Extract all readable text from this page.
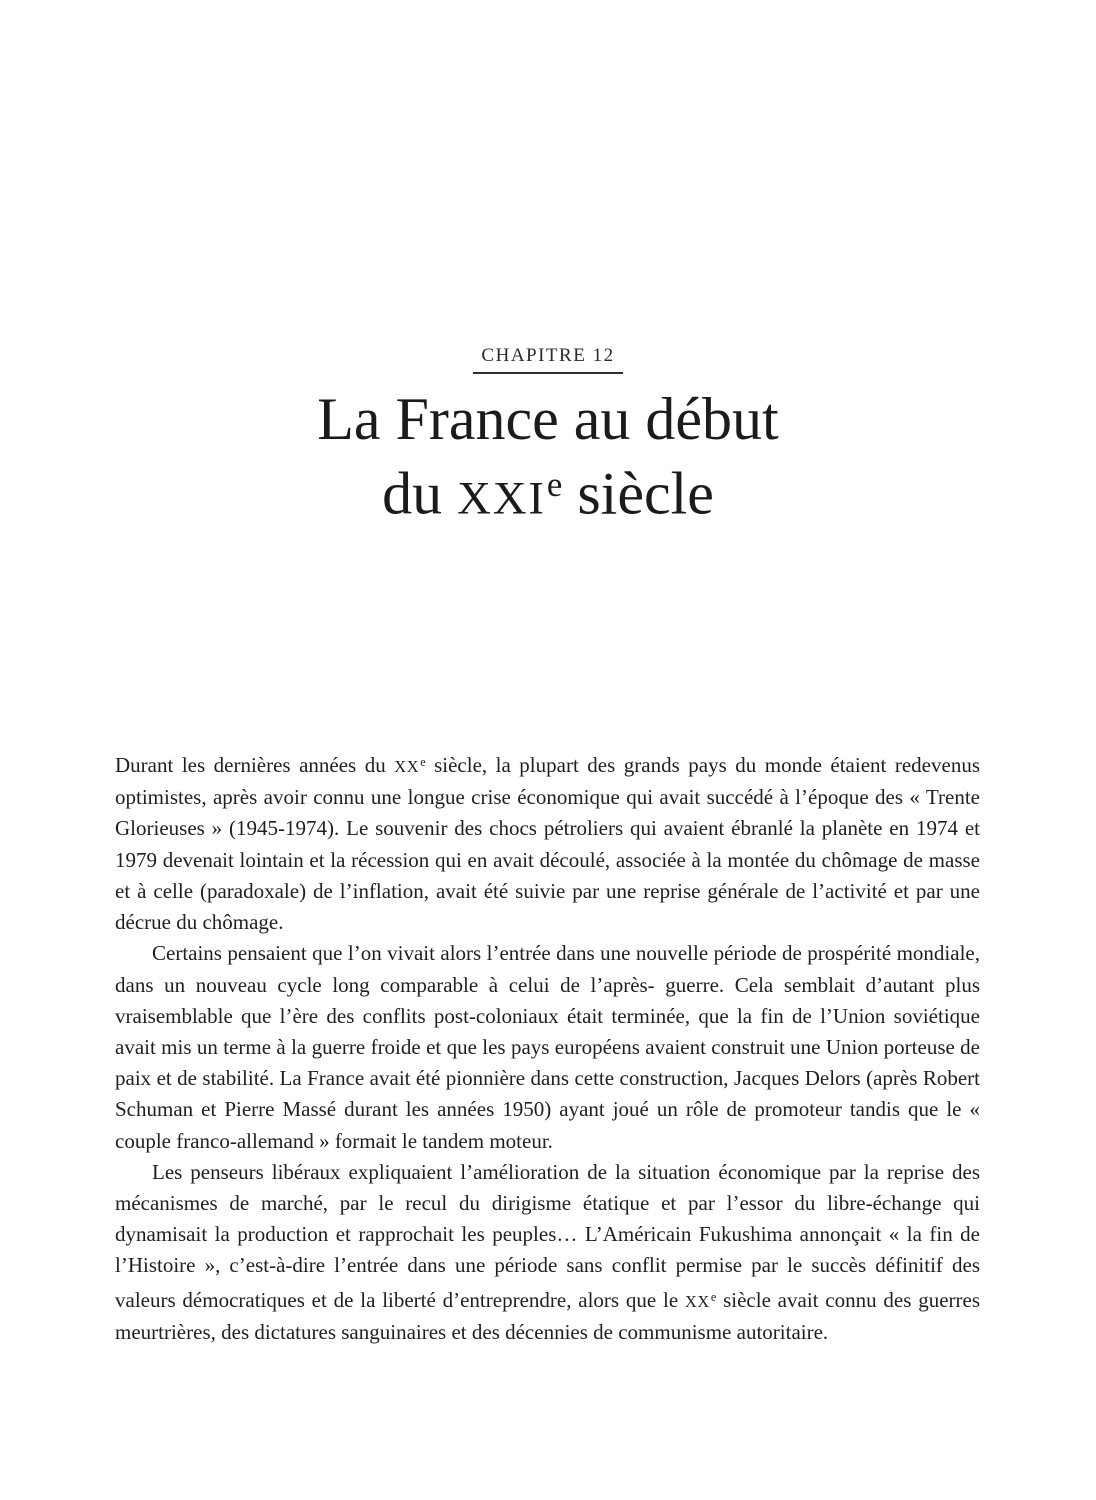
CHAPITRE 12
La France au début
du XXIe siècle

Durant les dernières années du XXe siècle, la plupart des grands pays du monde étaient redevenus optimistes, après avoir connu une longue crise économique qui avait succédé à l’époque des « Trente Glorieuses » (1945-1974). Le souvenir des chocs pétroliers qui avaient ébranlé la planète en 1974 et 1979 devenait lointain et la récession qui en avait découlé, associée à la montée du chômage de masse et à celle (paradoxale) de l’inflation, avait été suivie par une reprise générale de l’activité et par une décrue du chômage.

Certains pensaient que l’on vivait alors l’entrée dans une nouvelle période de prospérité mondiale, dans un nouveau cycle long comparable à celui de l’après- guerre. Cela semblait d’autant plus vraisemblable que l’ère des conflits post-coloniaux était terminée, que la fin de l’Union soviétique avait mis un terme à la guerre froide et que les pays européens avaient construit une Union porteuse de paix et de stabilité. La France avait été pionnière dans cette construction, Jacques Delors (après Robert Schuman et Pierre Massé durant les années 1950) ayant joué un rôle de promoteur tandis que le « couple franco-allemand » formait le tandem moteur.

Les penseurs libéraux expliquaient l’amélioration de la situation économique par la reprise des mécanismes de marché, par le recul du dirigisme étatique et par l’essor du libre-échange qui dynamisait la production et rapprochait les peuples… L’Américain Fukushima annonçait « la fin de l’Histoire », c’est-à-dire l’entrée dans une période sans conflit permise par le succès définitif des valeurs démocratiques et de la liberté d’entreprendre, alors que le XXe siècle avait connu des guerres meurtrières, des dictatures sanguinaires et des décennies de communisme autoritaire.
